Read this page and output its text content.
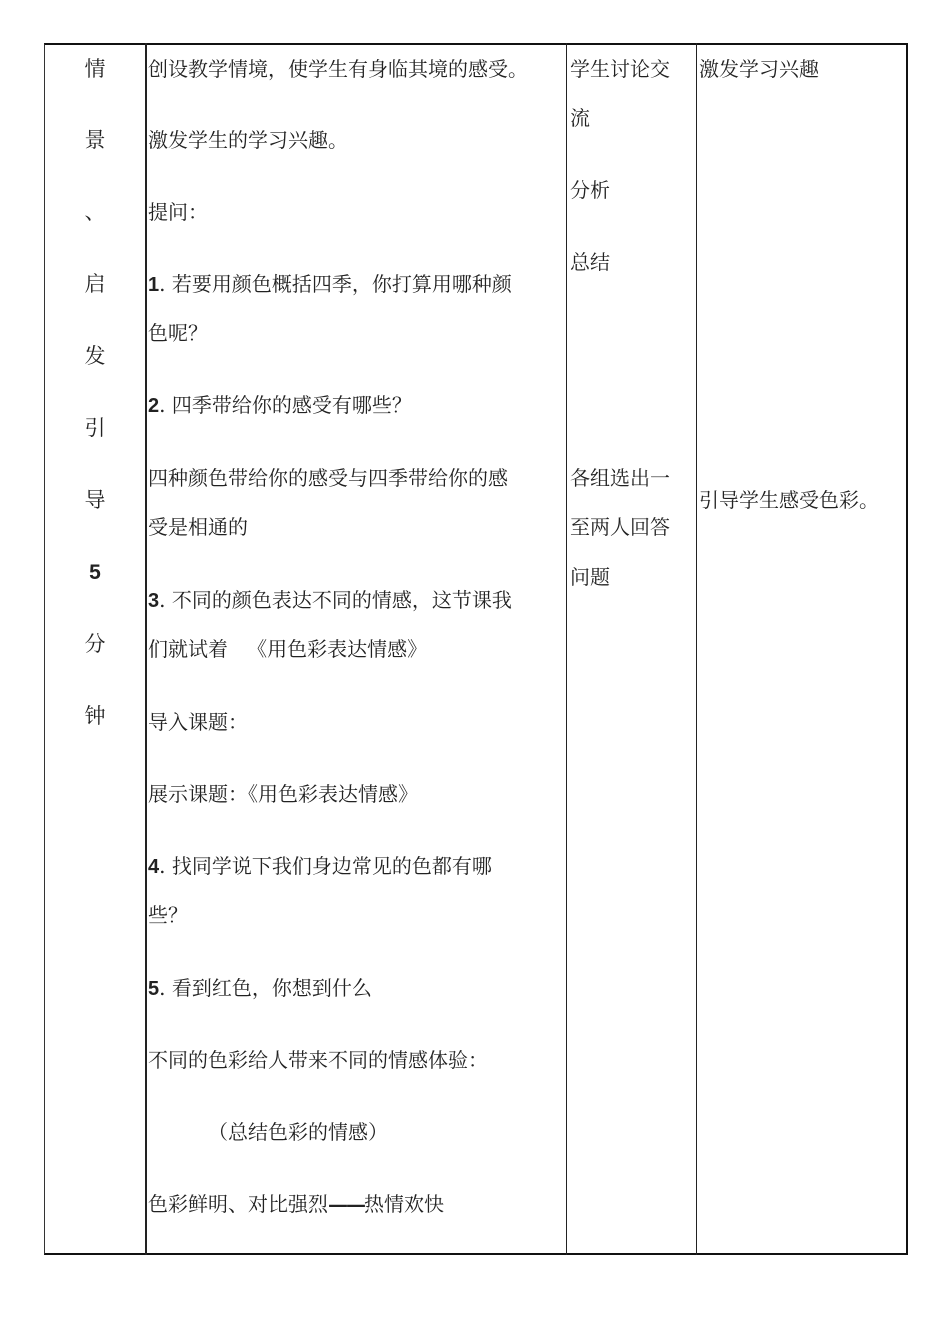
情
景
、
启
发
引
导
5
分
钟
创设教学情境，使学生有身临其境的感受。
激发学生的学习兴趣。
提问：
1. 若要用颜色概括四季，你打算用哪种颜
色呢？
2. 四季带给你的感受有哪些？
四种颜色带给你的感受与四季带给你的感
受是相通的
3. 不同的颜色表达不同的情感，这节课我
们就试着   《用色彩表达情感》
导入课题：
展示课题：《用色彩表达情感》
4. 找同学说下我们身边常见的色都有哪
些？
5. 看到红色，你想到什么
不同的色彩给人带来不同的情感体验：
（总结色彩的情感）
色彩鲜明、对比强烈——热情欢快
学生讨论交
流
分析
总结
各组选出一
至两人回答
问题
激发学习兴趣
引导学生感受色彩。
